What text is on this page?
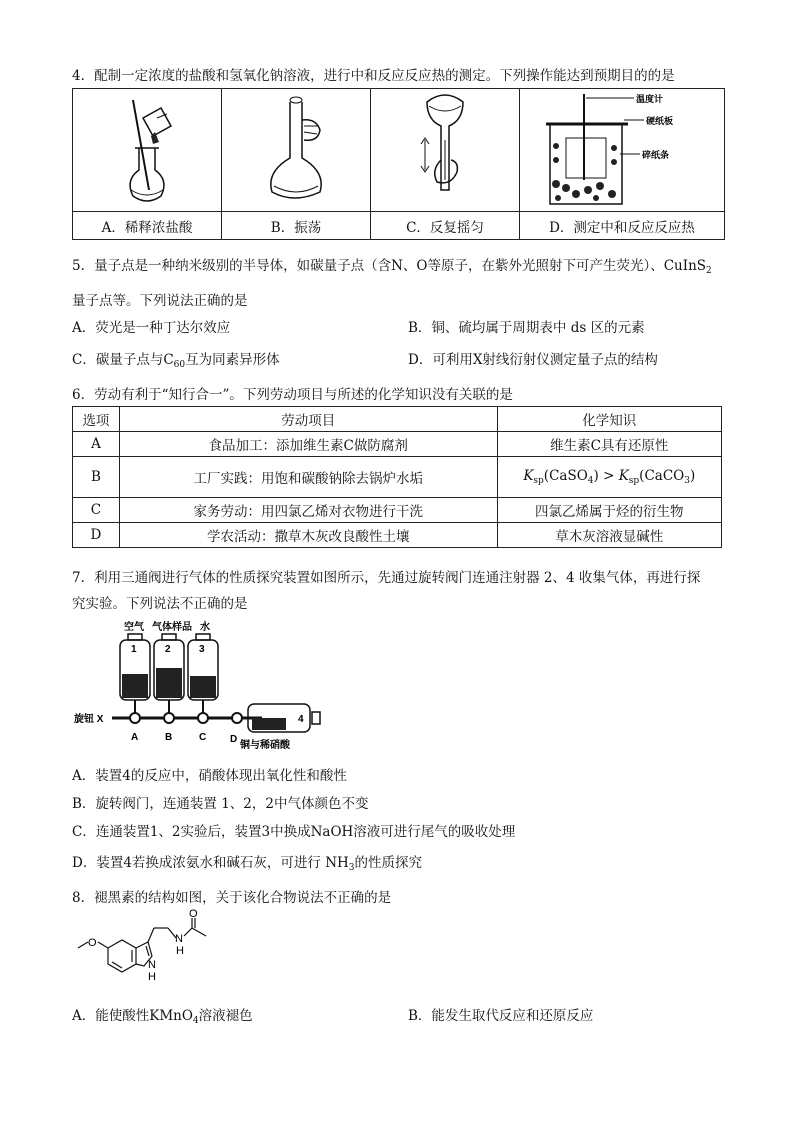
4．配制一定浓度的盐酸和氢氧化钠溶液，进行中和反应反应热的测定。下列操作能达到预期目的的是

温度计
硬纸板
碎纸条

A．稀释浓盐酸	B．振荡	C．反复摇匀	D．测定中和反应反应热
5．量子点是一种纳米级别的半导体，如碳量子点（含N、O等原子，在紫外光照射下可产生荧光）、CuInS$_2$
量子点等。下列说法正确的是
A．荧光是一种丁达尔效应	B．铜、硫均属于周期表中 ds 区的元素
C．碳量子点与$C_{60}$互为同素异形体	D．可利用X射线衍射仪测定量子点的结构
6．劳动有利于“知行合一”。下列劳动项目与所述的化学知识没有关联的是
选项	劳动项目	化学知识
A	食品加工：添加维生素C做防腐剂	维生素C具有还原性
B	工厂实践：用饱和碳酸钠除去锅炉水垢	$K_{sp}(CaSO_4)$ > $K_{sp}(CaCO_3)$
C	家务劳动：用四氯乙烯对衣物进行干洗	四氯乙烯属于烃的衍生物
D	学农活动：撒草木灰改良酸性土壤	草木灰溶液显碱性
7．利用三通阀进行气体的性质探究装置如图所示，先通过旋转阀门连通注射器 2、4 收集气体，再进行探
究实验。下列说法不正确的是
空气 气体样品 水
1	2	3
旋钮 X
A	B	C D
4
铜与稀硝酸
A．装置4的反应中，硝酸体现出氧化性和酸性
B．旋转阀门，连通装置 1、2，2中气体颜色不变
C．连通装置1、2实验后，装置3中换成NaOH溶液可进行尾气的吸收处理
D．装置4若换成浓氨水和碱石灰，可进行 $NH_3$的性质探究
8．褪黑素的结构如图，关于该化合物说法不正确的是
O
O
N
H
N
H
A．能使酸性KMnO$_4$溶液褪色	B．能发生取代反应和还原反应
